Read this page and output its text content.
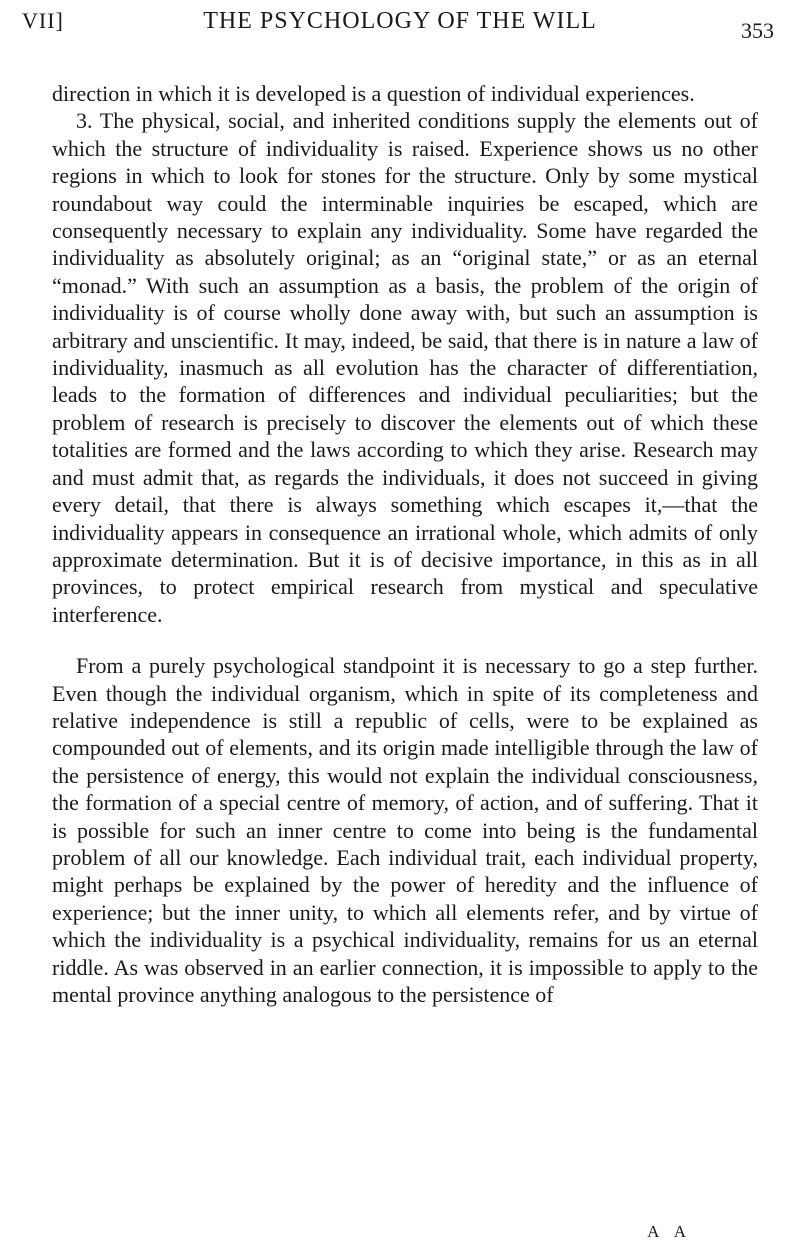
VII]	THE PSYCHOLOGY OF THE WILL	353

direction in which it is developed is a question of individual experiences.

3. The physical, social, and inherited conditions supply the elements out of which the structure of individuality is raised. Experience shows us no other regions in which to look for stones for the structure. Only by some mystical roundabout way could the interminable inquiries be escaped, which are consequently necessary to explain any individuality. Some have regarded the individuality as absolutely original; as an “original state,” or as an eternal “monad.” With such an assumption as a basis, the problem of the origin of individuality is of course wholly done away with, but such an assumption is arbitrary and unscientific. It may, indeed, be said, that there is in nature a law of individuality, inasmuch as all evolution has the character of differentiation, leads to the formation of differences and individual peculiarities; but the problem of research is precisely to discover the elements out of which these totalities are formed and the laws according to which they arise. Research may and must admit that, as regards the individuals, it does not succeed in giving every detail, that there is always something which escapes it,—that the individuality appears in consequence an irrational whole, which admits of only approximate determination. But it is of decisive importance, in this as in all provinces, to protect empirical research from mystical and speculative interference.

From a purely psychological standpoint it is necessary to go a step further. Even though the individual organism, which in spite of its completeness and relative independence is still a republic of cells, were to be explained as compounded out of elements, and its origin made intelligible through the law of the persistence of energy, this would not explain the individual consciousness, the formation of a special centre of memory, of action, and of suffering. That it is possible for such an inner centre to come into being is the fundamental problem of all our knowledge. Each individual trait, each individual property, might perhaps be explained by the power of heredity and the influence of experience; but the inner unity, to which all elements refer, and by virtue of which the individuality is a psychical individuality, remains for us an eternal riddle. As was observed in an earlier connection, it is impossible to apply to the mental province anything analogous to the persistence of

A A
